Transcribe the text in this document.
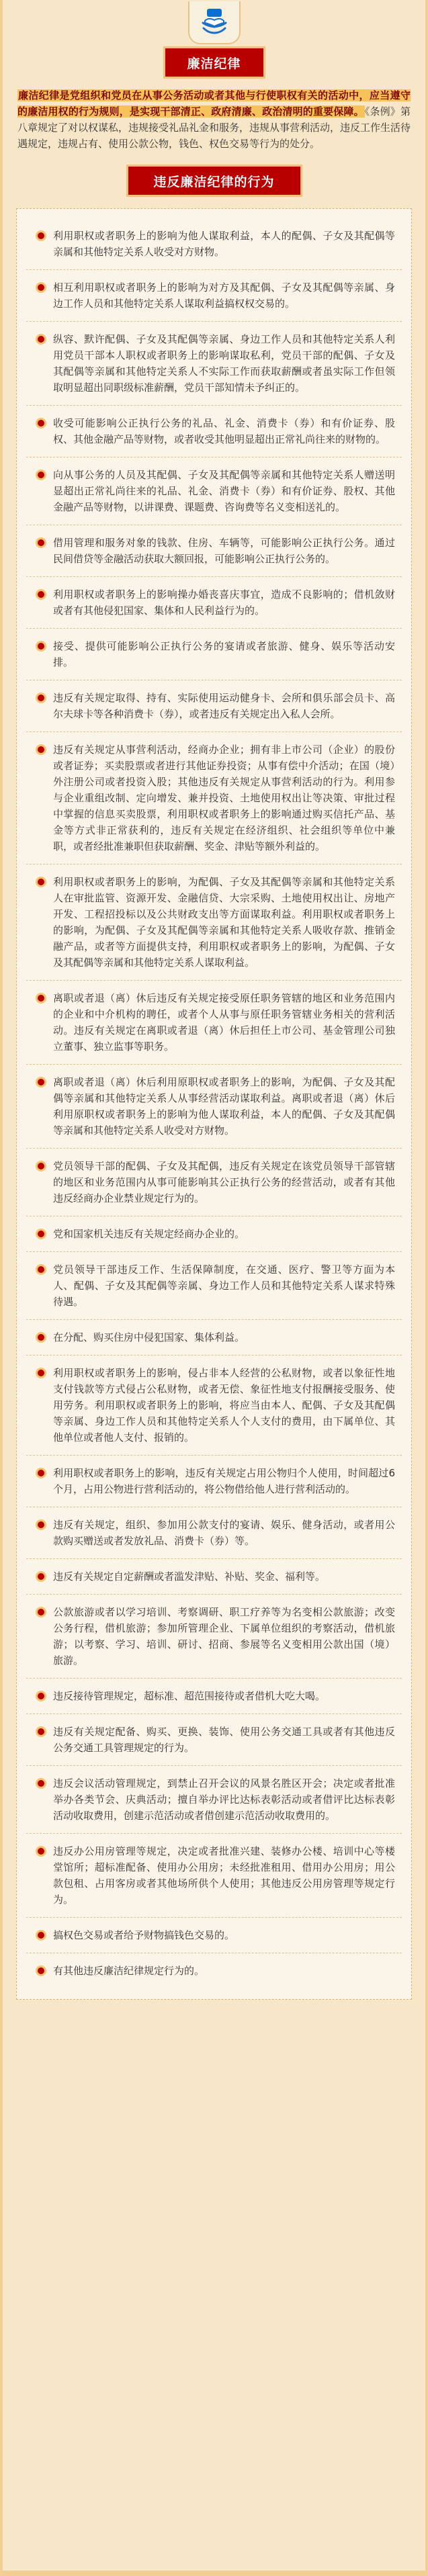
廉洁纪律
廉洁纪律是党组织和党员在从事公务活动或者其他与行使职权有关的活动中，应当遵守的廉洁用权的行为规则，是实现干部清正、政府清廉、政治清明的重要保障。《条例》第八章规定了对以权谋私，违规接受礼品礼金和服务，违规从事营利活动，违反工作生活待遇规定，违规占有、使用公款公物，钱色、权色交易等行为的处分。
违反廉洁纪律的行为
利用职权或者职务上的影响为他人谋取利益，本人的配偶、子女及其配偶等亲属和其他特定关系人收受对方财物。
相互利用职权或者职务上的影响为对方及其配偶、子女及其配偶等亲属、身边工作人员和其他特定关系人谋取利益搞权权交易的。
纵容、默许配偶、子女及其配偶等亲属、身边工作人员和其他特定关系人利用党员干部本人职权或者职务上的影响谋取私利，党员干部的配偶、子女及其配偶等亲属和其他特定关系人不实际工作而获取薪酬或者虽实际工作但领取明显超出同职级标准薪酬，党员干部知情未予纠正的。
收受可能影响公正执行公务的礼品、礼金、消费卡（券）和有价证券、股权、其他金融产品等财物，或者收受其他明显超出正常礼尚往来的财物的。
向从事公务的人员及其配偶、子女及其配偶等亲属和其他特定关系人赠送明显超出正常礼尚往来的礼品、礼金、消费卡（券）和有价证券、股权、其他金融产品等财物，以讲课费、课题费、咨询费等名义变相送礼的。
借用管理和服务对象的钱款、住房、车辆等，可能影响公正执行公务。通过民间借贷等金融活动获取大额回报，可能影响公正执行公务的。
利用职权或者职务上的影响操办婚丧喜庆事宜，造成不良影响的；借机敛财或者有其他侵犯国家、集体和人民利益行为的。
接受、提供可能影响公正执行公务的宴请或者旅游、健身、娱乐等活动安排。
违反有关规定取得、持有、实际使用运动健身卡、会所和俱乐部会员卡、高尔夫球卡等各种消费卡（券），或者违反有关规定出入私人会所。
违反有关规定从事营利活动，经商办企业；拥有非上市公司（企业）的股份或者证券；买卖股票或者进行其他证券投资；从事有偿中介活动；在国（境）外注册公司或者投资入股；其他违反有关规定从事营利活动的行为。利用参与企业重组改制、定向增发、兼并投资、土地使用权出让等决策、审批过程中掌握的信息买卖股票，利用职权或者职务上的影响通过购买信托产品、基金等方式非正常获利的，违反有关规定在经济组织、社会组织等单位中兼职，或者经批准兼职但获取薪酬、奖金、津贴等额外利益的。
利用职权或者职务上的影响，为配偶、子女及其配偶等亲属和其他特定关系人在审批监管、资源开发、金融信贷、大宗采购、土地使用权出让、房地产开发、工程招投标以及公共财政支出等方面谋取利益。利用职权或者职务上的影响，为配偶、子女及其配偶等亲属和其他特定关系人吸收存款、推销金融产品，或者等方面提供支持，利用职权或者职务上的影响，为配偶、子女及其配偶等亲属和其他特定关系人谋取利益。
离职或者退（离）休后违反有关规定接受原任职务管辖的地区和业务范围内的企业和中介机构的聘任，或者个人从事与原任职务管辖业务相关的营利活动。违反有关规定在离职或者退（离）休后担任上市公司、基金管理公司独立董事、独立监事等职务。
离职或者退（离）休后利用原职权或者职务上的影响，为配偶、子女及其配偶等亲属和其他特定关系人从事经营活动谋取利益。离职或者退（离）休后利用原职权或者职务上的影响为他人谋取利益，本人的配偶、子女及其配偶等亲属和其他特定关系人收受对方财物。
党员领导干部的配偶、子女及其配偶，违反有关规定在该党员领导干部管辖的地区和业务范围内从事可能影响其公正执行公务的经营活动，或者有其他违反经商办企业禁业规定行为的。
党和国家机关违反有关规定经商办企业的。
党员领导干部违反工作、生活保障制度，在交通、医疗、警卫等方面为本人、配偶、子女及其配偶等亲属、身边工作人员和其他特定关系人谋求特殊待遇。
在分配、购买住房中侵犯国家、集体利益。
利用职权或者职务上的影响，侵占非本人经营的公私财物，或者以象征性地支付钱款等方式侵占公私财物，或者无偿、象征性地支付报酬接受服务、使用劳务。利用职权或者职务上的影响，将应当由本人、配偶、子女及其配偶等亲属、身边工作人员和其他特定关系人个人支付的费用，由下属单位、其他单位或者他人支付、报销的。
利用职权或者职务上的影响，违反有关规定占用公物归个人使用，时间超过6个月，占用公物进行营利活动的，将公物借给他人进行营利活动的。
违反有关规定，组织、参加用公款支付的宴请、娱乐、健身活动，或者用公款购买赠送或者发放礼品、消费卡（券）等。
违反有关规定自定薪酬或者滥发津贴、补贴、奖金、福利等。
公款旅游或者以学习培训、考察调研、职工疗养等为名变相公款旅游；改变公务行程，借机旅游；参加所管理企业、下属单位组织的考察活动，借机旅游；以考察、学习、培训、研讨、招商、参展等名义变相用公款出国（境）旅游。
违反接待管理规定，超标准、超范围接待或者借机大吃大喝。
违反有关规定配备、购买、更换、装饰、使用公务交通工具或者有其他违反公务交通工具管理规定的行为。
违反会议活动管理规定，到禁止召开会议的风景名胜区开会；决定或者批准举办各类节会、庆典活动；擅自举办评比达标表彰活动或者借评比达标表彰活动收取费用，创建示范活动或者借创建示范活动收取费用的。
违反办公用房管理等规定，决定或者批准兴建、装修办公楼、培训中心等楼堂馆所；超标准配备、使用办公用房；未经批准租用、借用办公用房；用公款包租、占用客房或者其他场所供个人使用；其他违反公用房管理等规定行为。
搞权色交易或者给予财物搞钱色交易的。
有其他违反廉洁纪律规定行为的。
